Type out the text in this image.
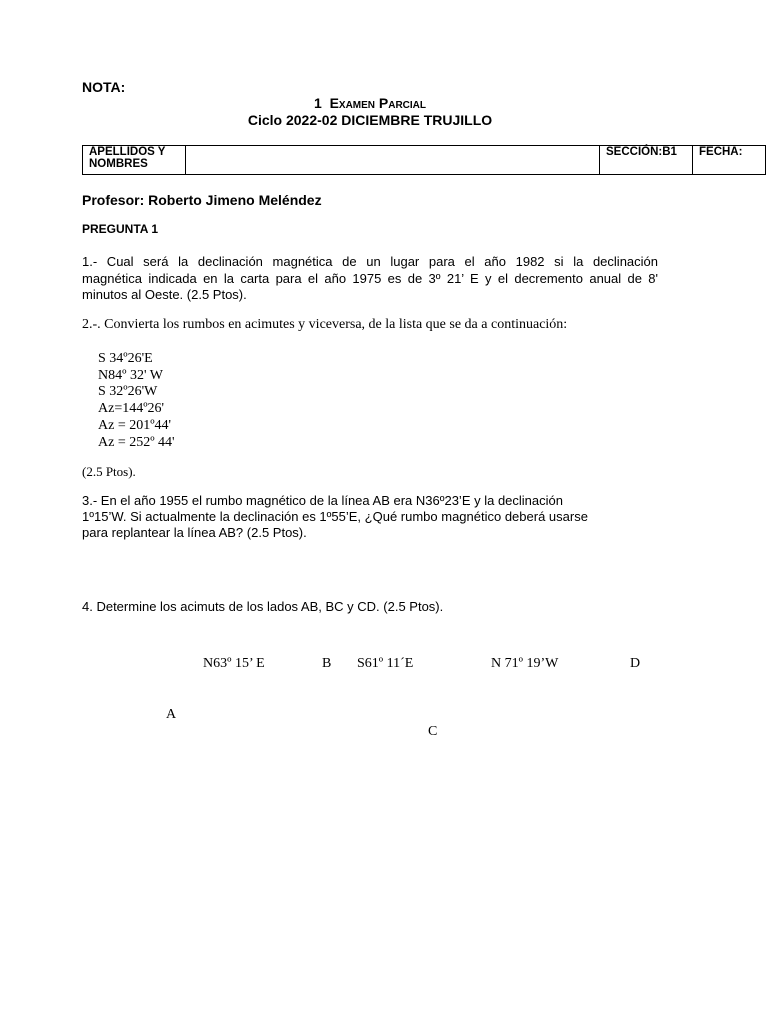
NOTA:
1 Examen Parcial
Ciclo 2022-02 DICIEMBRE TRUJILLO
APELLIDOS Y NOMBRES		SECCIÓN:B1	FECHA:
Profesor: Roberto Jimeno Meléndez
PREGUNTA 1
1.- Cual será la declinación magnética de un lugar para el año 1982 si la declinación
magnética indicada en la carta para el año 1975 es de 3º 21’ E y el decremento anual de 8'
minutos al Oeste. (2.5 Ptos).
2.-. Convierta los rumbos en acimutes y viceversa, de la lista que se da a continuación:
S 34º26'E
N84º 32' W
S 32º26'W
Az=144º26'
Az = 201º44'
Az = 252º 44'
(2.5 Ptos).
3.- En el año 1955 el rumbo magnético de la línea AB era N36º23’E y la declinación
1º15’W. Si actualmente la declinación es 1º55’E, ¿Qué rumbo magnético deberá usarse
para replantear la línea AB? (2.5 Ptos).
4. Determine los acimuts de los lados AB, BC y CD. (2.5 Ptos).
N63º 15’ E	B S61º 11´E	N 71º 19’W	D
A
C
